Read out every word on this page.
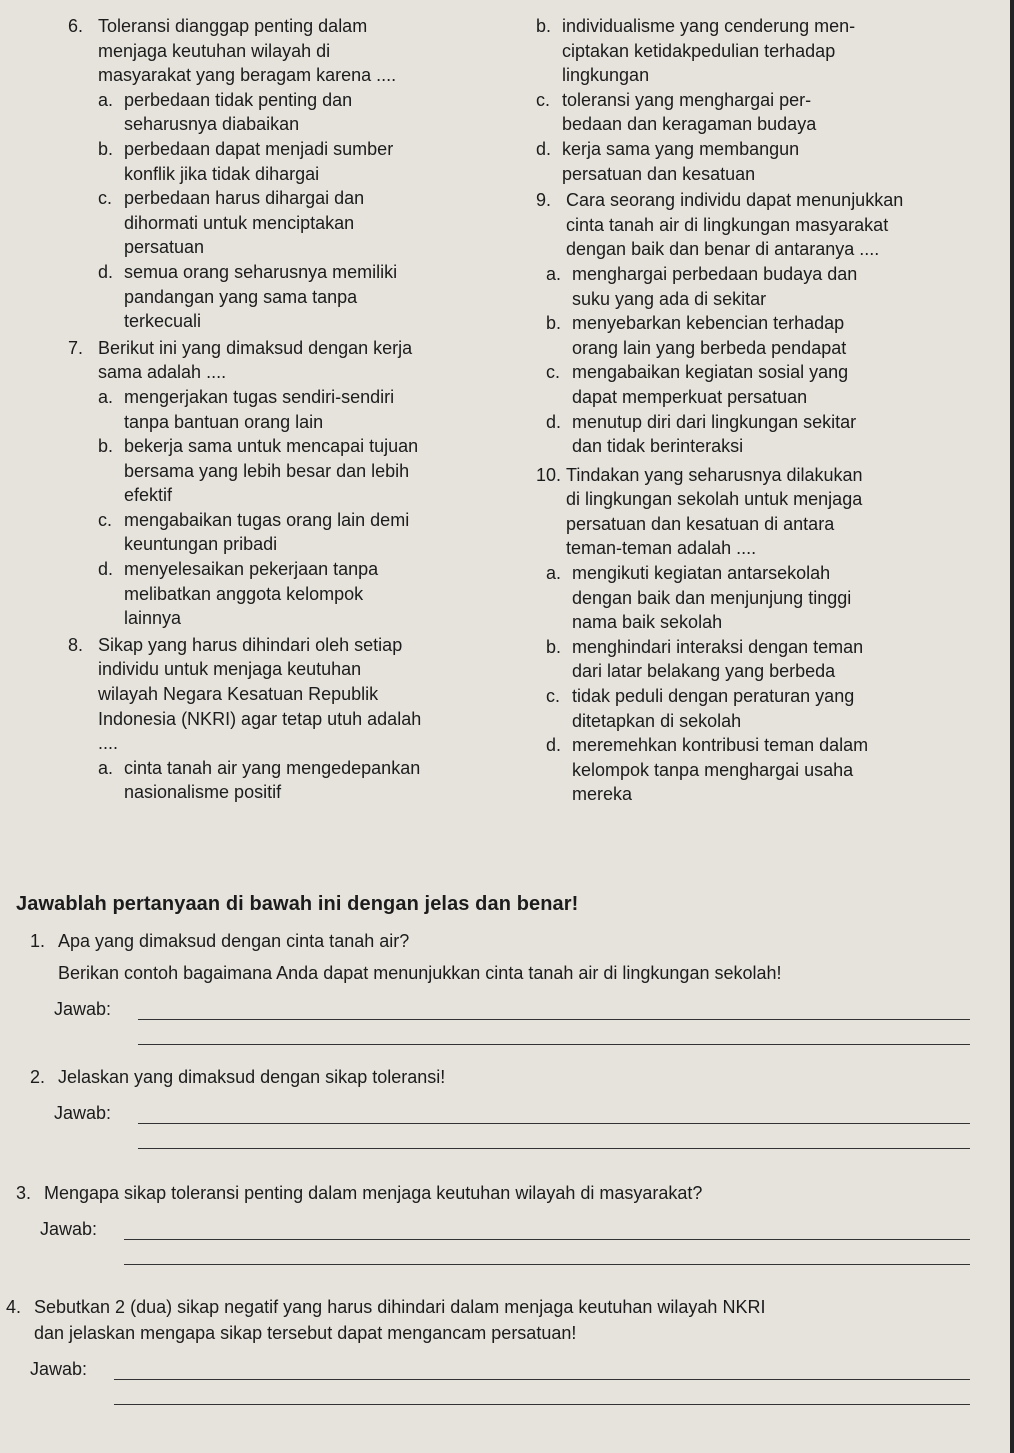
6. Toleransi dianggap penting dalam
menjaga keutuhan wilayah di
masyarakat yang beragam karena ....
a. perbedaan tidak penting dan
seharusnya diabaikan
b. perbedaan dapat menjadi sumber
konflik jika tidak dihargai
c. perbedaan harus dihargai dan
dihormati untuk menciptakan
persatuan
d. semua orang seharusnya memiliki
pandangan yang sama tanpa
terkecuali
7. Berikut ini yang dimaksud dengan kerja
sama adalah ....
a. mengerjakan tugas sendiri-sendiri
tanpa bantuan orang lain
b. bekerja sama untuk mencapai tujuan
bersama yang lebih besar dan lebih
efektif
c. mengabaikan tugas orang lain demi
keuntungan pribadi
d. menyelesaikan pekerjaan tanpa
melibatkan anggota kelompok
lainnya
8. Sikap yang harus dihindari oleh setiap
individu untuk menjaga keutuhan
wilayah Negara Kesatuan Republik
Indonesia (NKRI) agar tetap utuh adalah
....
a. cinta tanah air yang mengedepankan
nasionalisme positif
b. individualisme yang cenderung men-
ciptakan ketidakpedulian terhadap
lingkungan
c. toleransi yang menghargai per-
bedaan dan keragaman budaya
d. kerja sama yang membangun
persatuan dan kesatuan
9. Cara seorang individu dapat menunjukkan
cinta tanah air di lingkungan masyarakat
dengan baik dan benar di antaranya ....
a. menghargai perbedaan budaya dan
suku yang ada di sekitar
b. menyebarkan kebencian terhadap
orang lain yang berbeda pendapat
c. mengabaikan kegiatan sosial yang
dapat memperkuat persatuan
d. menutup diri dari lingkungan sekitar
dan tidak berinteraksi
10. Tindakan yang seharusnya dilakukan
di lingkungan sekolah untuk menjaga
persatuan dan kesatuan di antara
teman-teman adalah ....
a. mengikuti kegiatan antarsekolah
dengan baik dan menjunjung tinggi
nama baik sekolah
b. menghindari interaksi dengan teman
dari latar belakang yang berbeda
c. tidak peduli dengan peraturan yang
ditetapkan di sekolah
d. meremehkan kontribusi teman dalam
kelompok tanpa menghargai usaha
mereka
Jawablah pertanyaan di bawah ini dengan jelas dan benar!
1. Apa yang dimaksud dengan cinta tanah air?
Berikan contoh bagaimana Anda dapat menunjukkan cinta tanah air di lingkungan sekolah!
Jawab:
2. Jelaskan yang dimaksud dengan sikap toleransi!
Jawab:
3. Mengapa sikap toleransi penting dalam menjaga keutuhan wilayah di masyarakat?
Jawab:
4. Sebutkan 2 (dua) sikap negatif yang harus dihindari dalam menjaga keutuhan wilayah NKRI
dan jelaskan mengapa sikap tersebut dapat mengancam persatuan!
Jawab:
